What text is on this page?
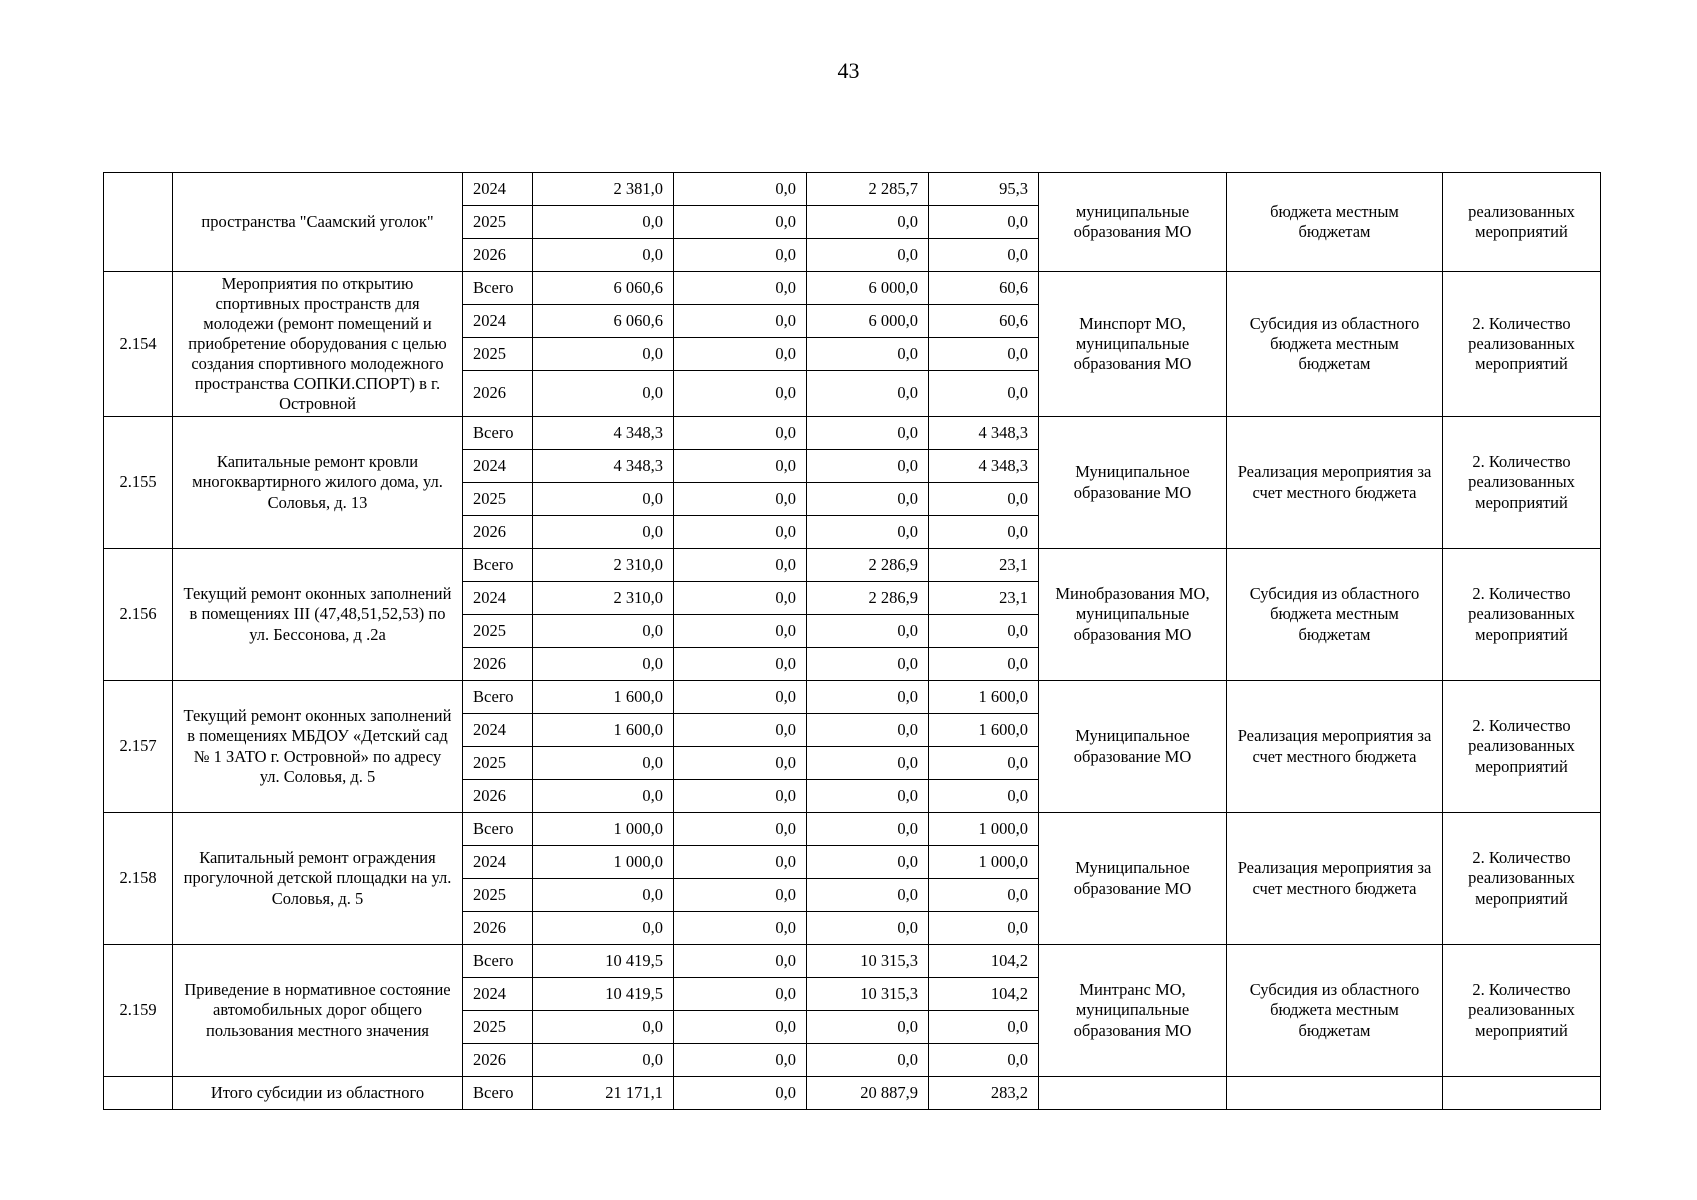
43
	пространства "Саамский уголок"	2024	2 381,0	0,0	2 285,7	95,3	муниципальные образования МО	бюджета местным бюджетам	реализованных мероприятий
		2025	0,0	0,0	0,0	0,0			
		2026	0,0	0,0	0,0	0,0			
2.154	Мероприятия по открытию спортивных пространств для молодежи (ремонт помещений и приобретение оборудования с целью создания спортивного молодежного пространства СОПКИ.СПОРТ) в г. Островной	Всего	6 060,6	0,0	6 000,0	60,6	Минспорт МО, муниципальные образования МО	Субсидия из областного бюджета местным бюджетам	2. Количество реализованных мероприятий
		2024	6 060,6	0,0	6 000,0	60,6			
		2025	0,0	0,0	0,0	0,0			
		2026	0,0	0,0	0,0	0,0			
2.155	Капитальные ремонт кровли многоквартирного жилого дома, ул. Соловья, д. 13	Всего	4 348,3	0,0	0,0	4 348,3	Муниципальное образование МО	Реализация мероприятия за счет местного бюджета	2. Количество реализованных мероприятий
		2024	4 348,3	0,0	0,0	4 348,3			
		2025	0,0	0,0	0,0	0,0			
		2026	0,0	0,0	0,0	0,0			
2.156	Текущий ремонт оконных заполнений в помещениях III (47,48,51,52,53) по ул. Бессонова, д .2а	Всего	2 310,0	0,0	2 286,9	23,1	Минобразования МО, муниципальные образования МО	Субсидия из областного бюджета местным бюджетам	2. Количество реализованных мероприятий
		2024	2 310,0	0,0	2 286,9	23,1			
		2025	0,0	0,0	0,0	0,0			
		2026	0,0	0,0	0,0	0,0			
2.157	Текущий ремонт оконных заполнений в помещениях МБДОУ «Детский сад № 1 ЗАТО г. Островной» по адресу ул. Соловья, д. 5	Всего	1 600,0	0,0	0,0	1 600,0	Муниципальное образование МО	Реализация мероприятия за счет местного бюджета	2. Количество реализованных мероприятий
		2024	1 600,0	0,0	0,0	1 600,0			
		2025	0,0	0,0	0,0	0,0			
		2026	0,0	0,0	0,0	0,0			
2.158	Капитальный ремонт ограждения прогулочной детской площадки на ул. Соловья, д. 5	Всего	1 000,0	0,0	0,0	1 000,0	Муниципальное образование МО	Реализация мероприятия за счет местного бюджета	2. Количество реализованных мероприятий
		2024	1 000,0	0,0	0,0	1 000,0			
		2025	0,0	0,0	0,0	0,0			
		2026	0,0	0,0	0,0	0,0			
2.159	Приведение в нормативное состояние автомобильных дорог общего пользования местного значения	Всего	10 419,5	0,0	10 315,3	104,2	Минтранс МО, муниципальные образования МО	Субсидия из областного бюджета местным бюджетам	2. Количество реализованных мероприятий
		2024	10 419,5	0,0	10 315,3	104,2			
		2025	0,0	0,0	0,0	0,0			
		2026	0,0	0,0	0,0	0,0			
	Итого субсидии из областного	Всего	21 171,1	0,0	20 887,9	283,2			
